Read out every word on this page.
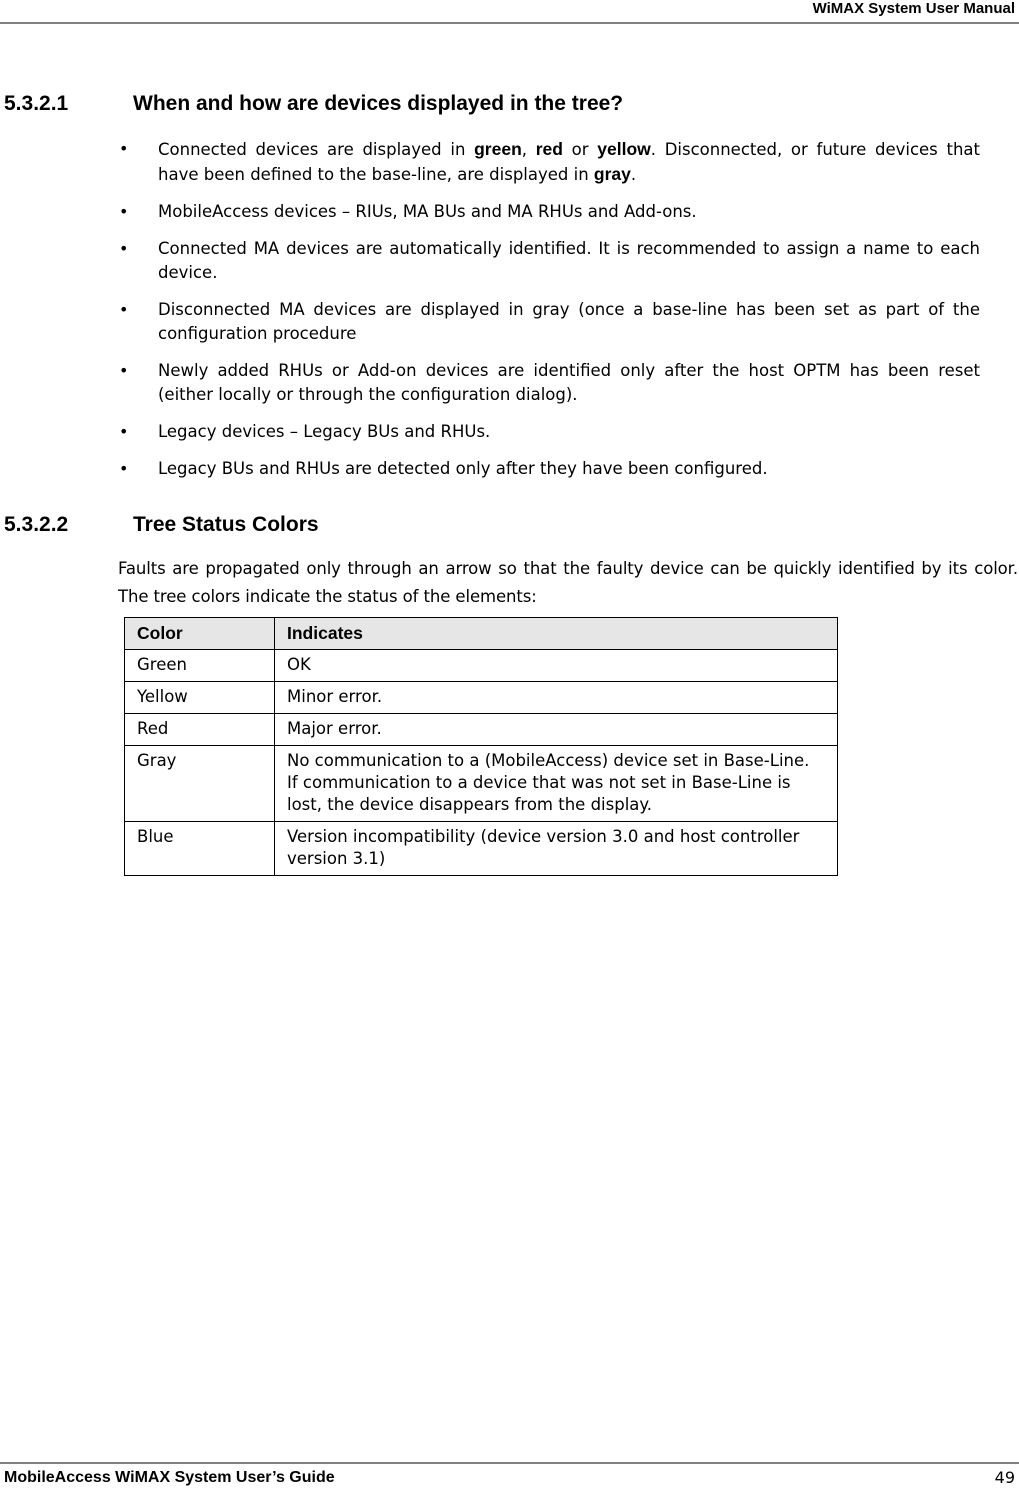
WiMAX System User Manual
5.3.2.1	When and how are devices displayed in the tree?
• Connected devices are displayed in green, red or yellow. Disconnected, or future devices that have been defined to the base-line, are displayed in gray.
• MobileAccess devices – RIUs, MA BUs and MA RHUs and Add-ons.
• Connected MA devices are automatically identified. It is recommended to assign a name to each device.
• Disconnected MA devices are displayed in gray (once a base-line has been set as part of the configuration procedure
• Newly added RHUs or Add-on devices are identified only after the host OPTM has been reset (either locally or through the configuration dialog).
• Legacy devices – Legacy BUs and RHUs.
• Legacy BUs and RHUs are detected only after they have been configured.
5.3.2.2	Tree Status Colors

Faults are propagated only through an arrow so that the faulty device can be quickly identified by its color. The tree colors indicate the status of the elements:

Color	Indicates
Green	OK
Yellow	Minor error.
Red	Major error.
Gray	No communication to a (MobileAccess) device set in Base-Line. If communication to a device that was not set in Base-Line is lost, the device disappears from the display.
Blue	Version incompatibility (device version 3.0 and host controller version 3.1)
MobileAccess WiMAX System User’s Guide	49
